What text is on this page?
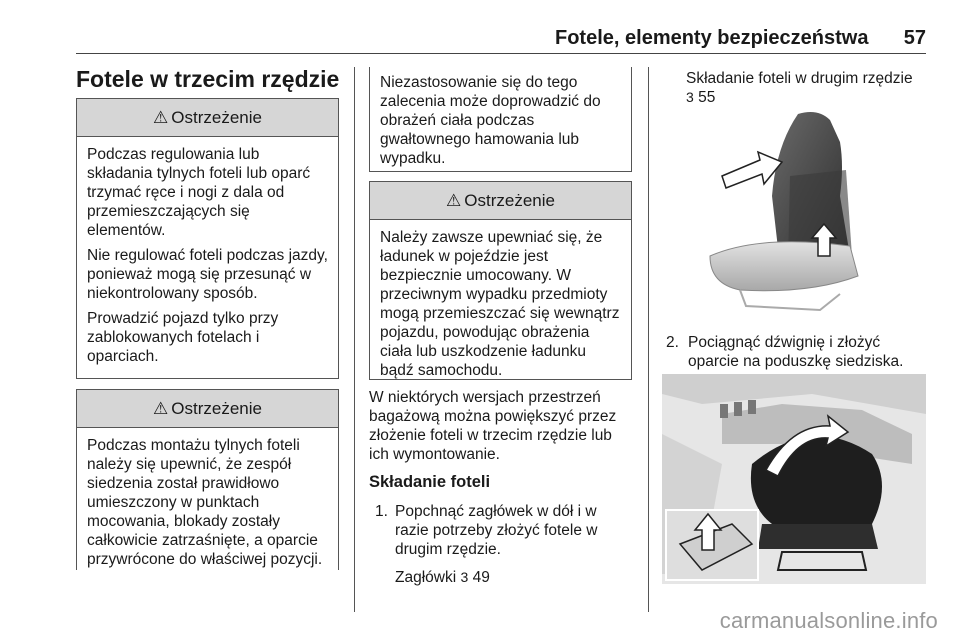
Fotele, elementy bezpieczeństwa 57
Fotele w trzecim rzędzie
⚠ Ostrzeżenie

Podczas regulowania lub składania tylnych foteli lub oparć trzymać ręce i nogi z dala od przemieszczających się elementów.

Nie regulować foteli podczas jazdy, ponieważ mogą się przesunąć w niekontrolowany sposób.

Prowadzić pojazd tylko przy zablokowanych fotelach i oparciach.

⚠ Ostrzeżenie

Podczas montażu tylnych foteli należy się upewnić, że zespół siedzenia został prawidłowo umieszczony w punktach mocowania, blokady zostały całkowicie zatrzaśnięte, a oparcie przywrócone do właściwej pozycji.

Niezastosowanie się do tego zalecenia może doprowadzić do obrażeń ciała podczas gwałtownego hamowania lub wypadku.

⚠ Ostrzeżenie

Należy zawsze upewniać się, że ładunek w pojeździe jest bezpiecznie umocowany. W przeciwnym wypadku przedmioty mogą przemieszczać się wewnątrz pojazdu, powodując obrażenia ciała lub uszkodzenie ładunku bądź samochodu.

W niektórych wersjach przestrzeń bagażową można powiększyć przez złożenie foteli w trzecim rzędzie lub ich wymontowanie.

Składanie foteli
1. Popchnąć zagłówek w dół i w razie potrzeby złożyć fotele w drugim rzędzie.
Zagłówki 3 49
Składanie foteli w drugim rzędzie
3 55
2. Pociągnąć dźwignię i złożyć oparcie na poduszkę siedziska.
carmanualsonline.info
